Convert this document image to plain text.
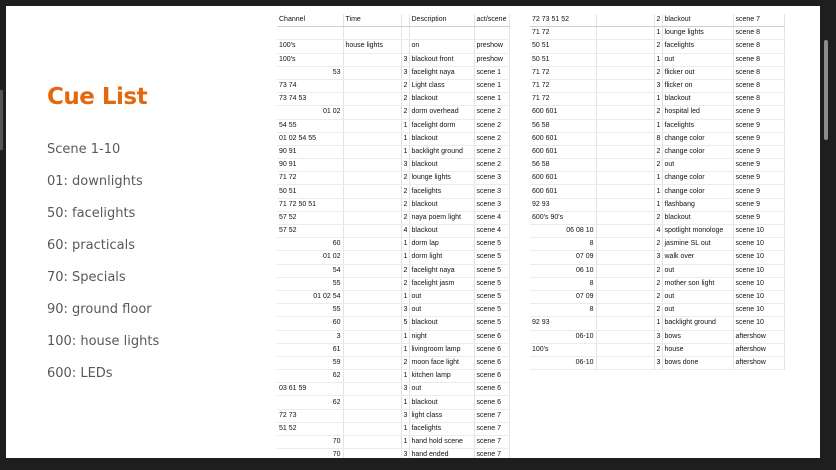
Cue List
Scene 1-10
01: downlights
50: facelights
60: practicals
70: Specials
90: ground floor
100: house lights
600: LEDs
Channel	Time		Description	act/scene

100's	house lights		on	preshow
100's		3	blackout front	preshow
53		3	facelight naya	scene 1
73 74		2	Light class	scene 1
73 74 53		2	blackout	scene 1
01 02		2	dorm overhead	scene 2
54 55		1	facelight dorm	scene 2
01 02 54 55		1	blackout	scene 2
90 91		1	backlight ground	scene 2
90 91		3	blackout	scene 2
71 72		2	lounge lights	scene 3
50 51		2	facelights	scene 3
71 72 50 51		2	blackout	scene 3
57 52		2	naya poem light	scene 4
57 52		4	blackout	scene 4
60		1	dorm lap	scene 5
01 02		1	dorm light	scene 5
54		2	facelight naya	scene 5
55		2	facelight jasm	scene 5
01 02 54		1	out	scene 5
55		3	out	scene 5
60		5	blackout	scene 5
3		1	night	scene 6
61		1	livingroom lamp	scene 6
59		2	moon face light	scene 6
62		1	kitchen lamp	scene 6
03 61 59		3	out	scene 6
62		1	blackout	scene 6
72 73		3	light class	scene 7
51 52		1	facelights	scene 7
70		1	hand hold scene	scene 7
70		3	hand ended	scene 7
72 73 51 52		2	blackout	scene 7
71 72		1	lounge lights	scene 8
50 51		2	facelights	scene 8
50 51		1	out	scene 8
71 72		2	flicker out	scene 8
71 72		3	flicker on	scene 8
71 72		1	blackout	scene 8
600 601		2	hospital led	scene 9
56 58		1	facelights	scene 9
600 601		8	change color	scene 9
600 601		2	change color	scene 9
56 58		2	out	scene 9
600 601		1	change color	scene 9
600 601		1	change color	scene 9
92 93		1	flashbang	scene 9
600's 90's		2	blackout	scene 9
06 08 10		4	spotlight monologe	scene 10
8		2	jasmine SL out	scene 10
07 09		3	walk over	scene 10
06 10		2	out	scene 10
8		2	mother son light	scene 10
07 09		2	out	scene 10
8		2	out	scene 10
92 93		1	backlight ground	scene 10
06-10		3	bows	aftershow
100's		2	house	aftershow
06-10		3	bows done	aftershow
